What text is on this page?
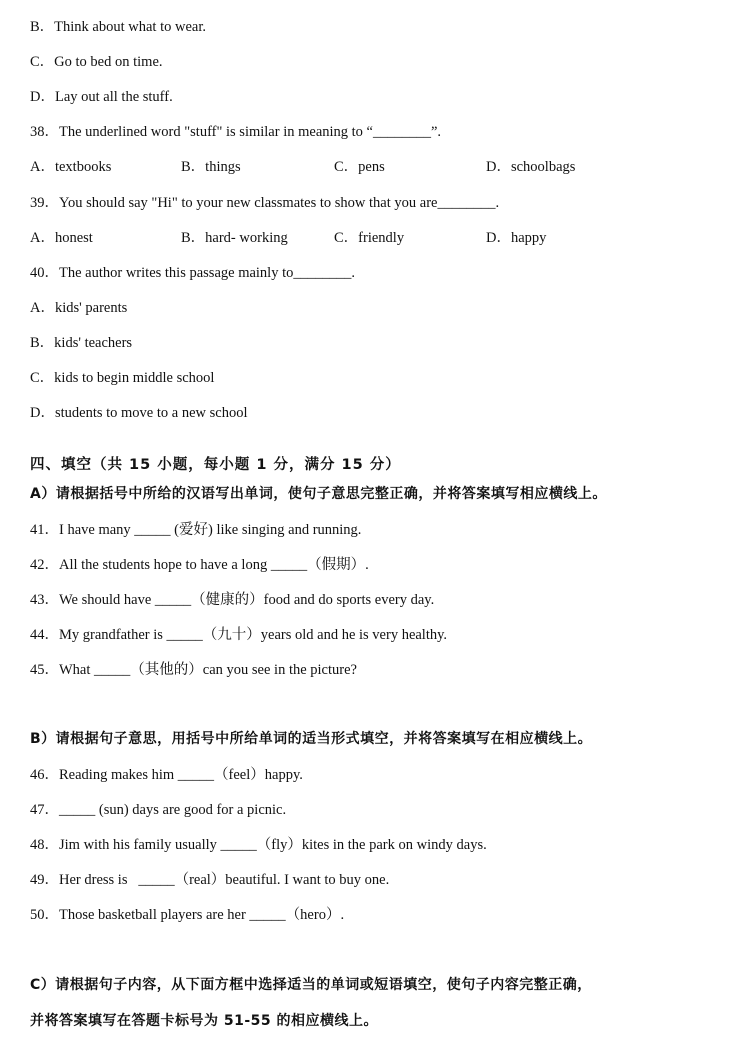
B．Think about what to wear.
C．Go to bed on time.
D．Lay out all the stuff.
38．The underlined word "stuff" is similar in meaning to “________”.
A．textbooks	B．things	C．pens	D．schoolbags
39．You should say "Hi" to your new classmates to show that you are________.
A．honest	B．hard- working	C．friendly	D．happy
40．The author writes this passage mainly to________.
A．kids' parents
B．kids' teachers
C．kids to begin middle school
D．students to move to a new school
四、填空（共 15 小题，每小题 1 分，满分 15 分）
A）请根据括号中所给的汉语写出单词，使句子意思完整正确，并将答案填写相应横线上。
41．I have many _____ (爱好) like singing and running.
42．All the students hope to have a long _____（假期）.
43．We should have _____（健康的）food and do sports every day.
44．My grandfather is _____（九十）years old and he is very healthy.
45．What _____（其他的）can you see in the picture?
B）请根据句子意思，用括号中所给单词的适当形式填空，并将答案填写在相应横线上。
46．Reading makes him _____（feel）happy.
47．_____ (sun) days are good for a picnic.
48．Jim with his family usually _____（fly）kites in the park on windy days.
49．Her dress is   _____（real）beautiful. I want to buy one.
50．Those basketball players are her _____（hero）.
C）请根据句子内容，从下面方框中选择适当的单词或短语填空，使句子内容完整正确，
并将答案填写在答题卡标号为 51-55 的相应横线上。
